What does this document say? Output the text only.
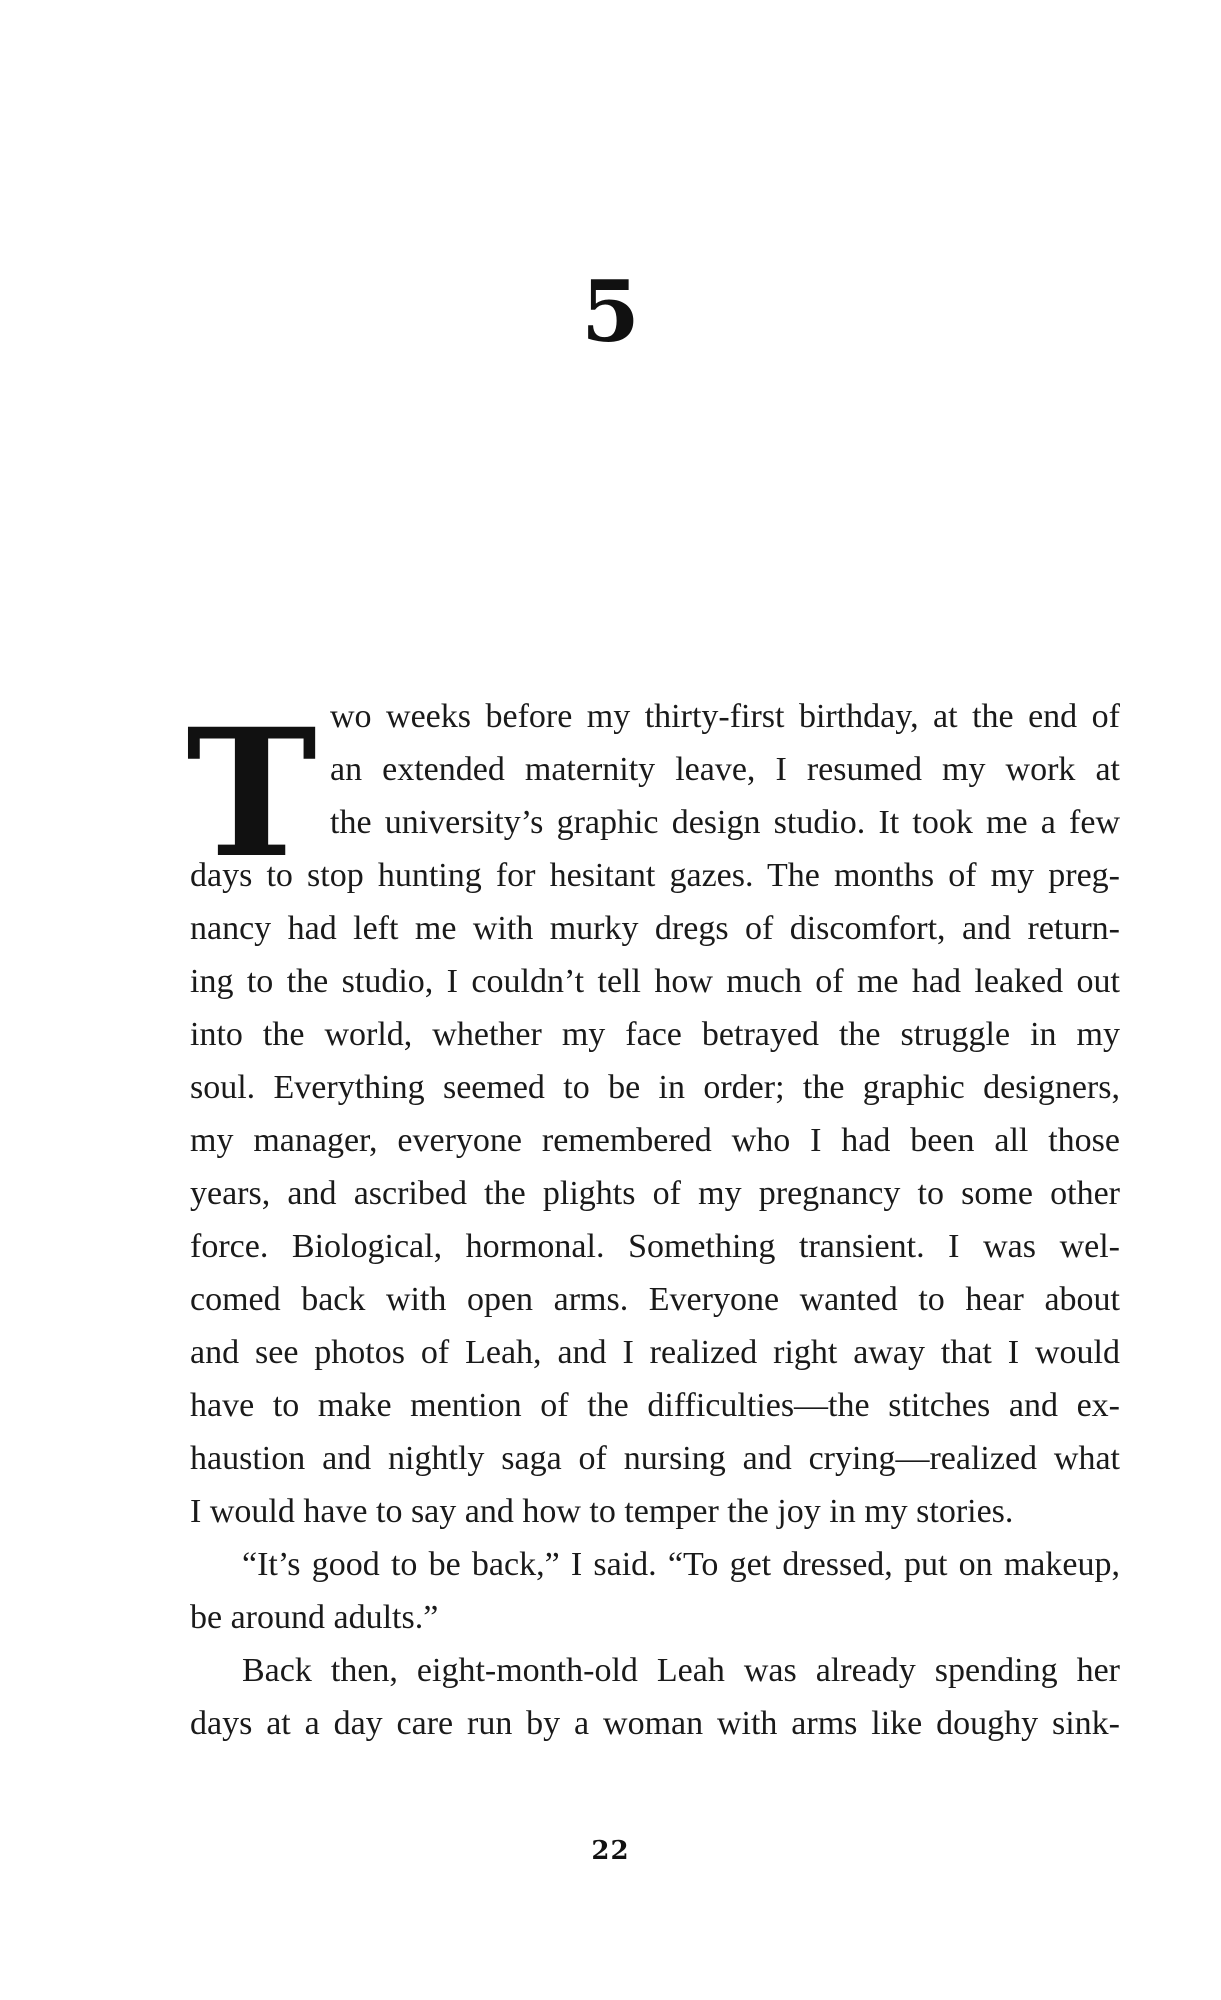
5
T wo weeks before my thirty-first birthday, at the end of
an extended maternity leave, I resumed my work at
the university’s graphic design studio. It took me a few
days to stop hunting for hesitant gazes. The months of my preg-
nancy had left me with murky dregs of discomfort, and return-
ing to the studio, I couldn’t tell how much of me had leaked out
into the world, whether my face betrayed the struggle in my
soul. Everything seemed to be in order; the graphic designers,
my manager, everyone remembered who I had been all those
years, and ascribed the plights of my pregnancy to some other
force. Biological, hormonal. Something transient. I was wel-
comed back with open arms. Everyone wanted to hear about
and see photos of Leah, and I realized right away that I would
have to make mention of the difficulties—the stitches and ex-
haustion and nightly saga of nursing and crying—realized what
I would have to say and how to temper the joy in my stories.
“It’s good to be back,” I said. “To get dressed, put on makeup,
be around adults.”
Back then, eight-month-old Leah was already spending her
days at a day care run by a woman with arms like doughy sink-
22
